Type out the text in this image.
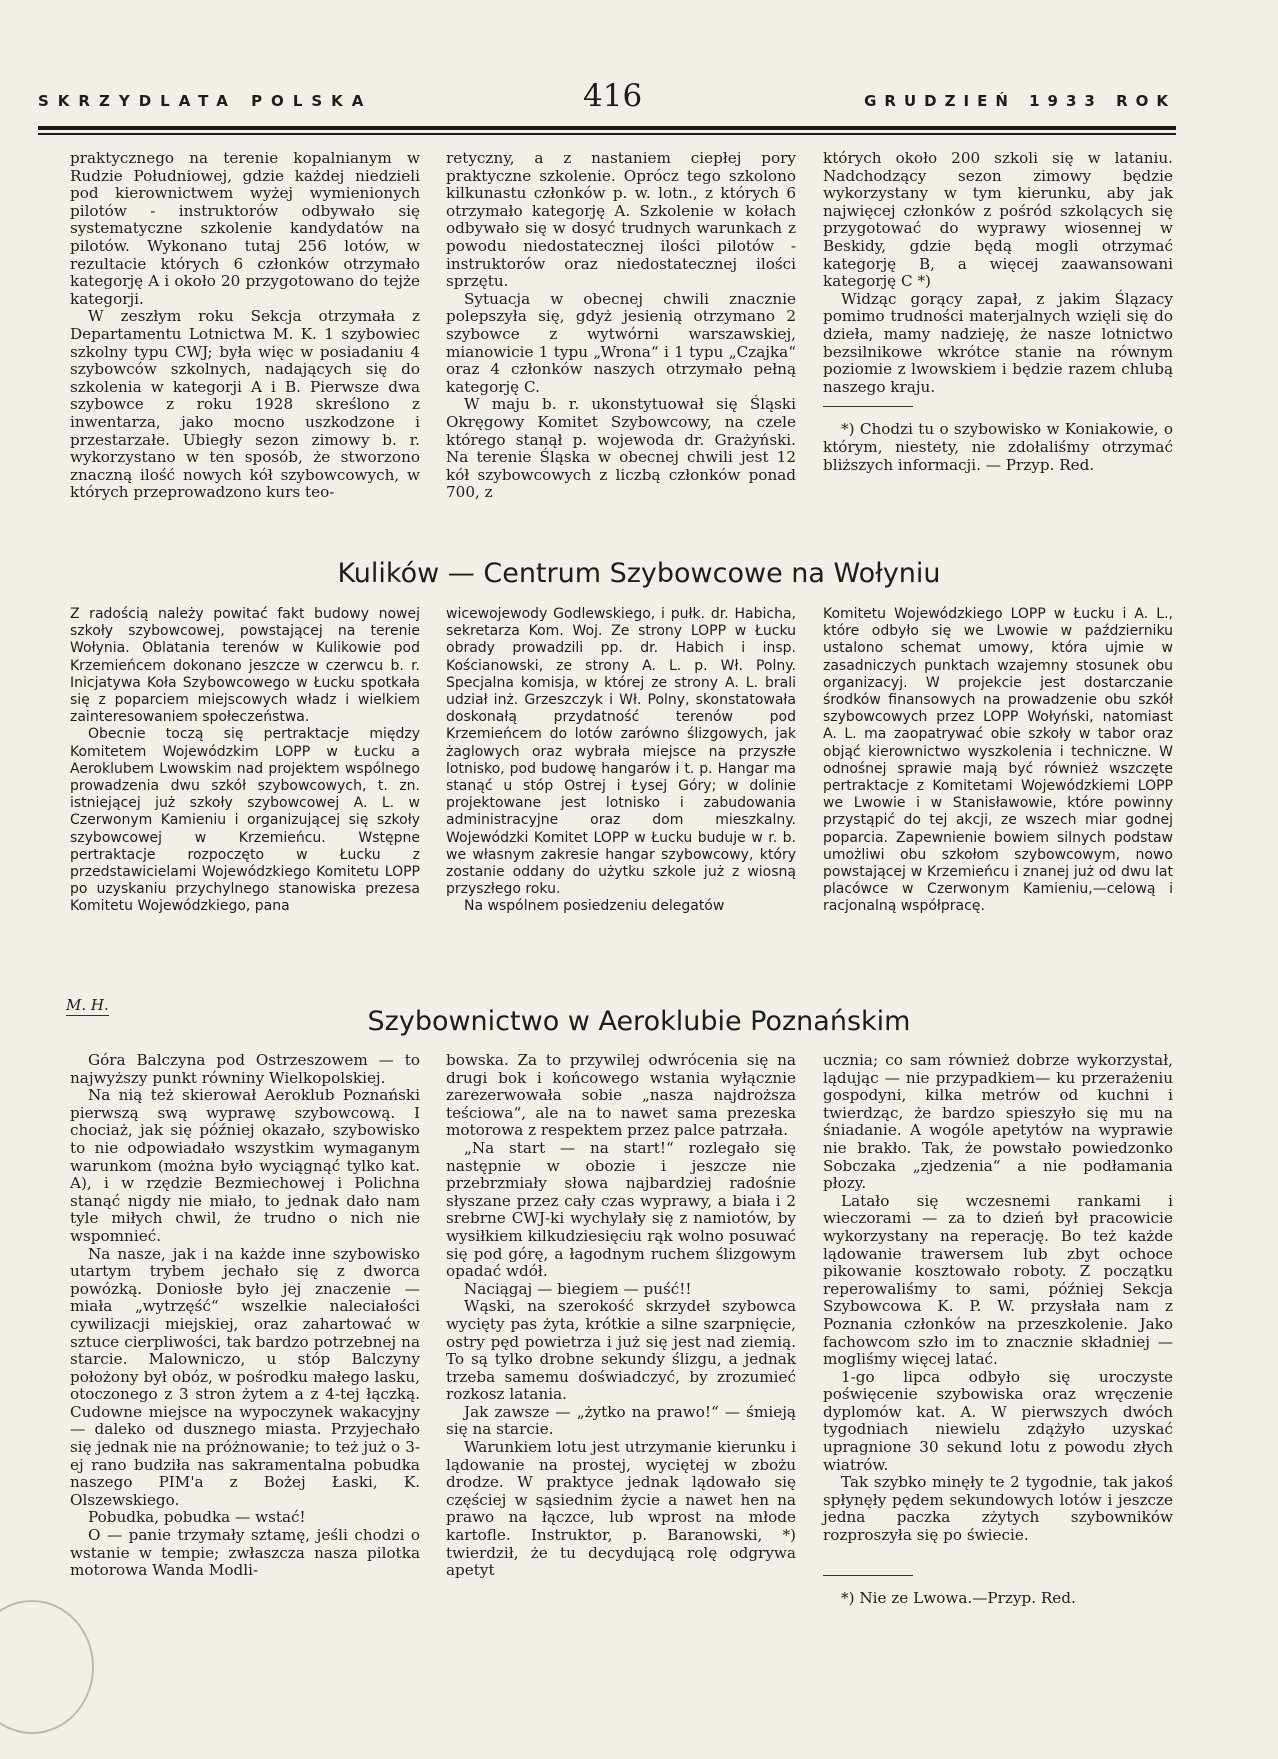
SKRZYDLATA POLSKA	416	GRUDZIEŃ 1933 ROK

praktycznego na terenie kopalnianym w Rudzie Południowej, gdzie każdej niedzieli pod kierownictwem wyżej wymienionych pilotów - instruktorów odbywało się systematyczne szkolenie kandydatów na pilotów. Wykonano tutaj 256 lotów, w rezultacie których 6 członków otrzymało kategorję A i około 20 przygotowano do tejże kategorji.

W zeszłym roku Sekcja otrzymała z Departamentu Lotnictwa M. K. 1 szybowiec szkolny typu CWJ; była więc w posiadaniu 4 szybowców szkolnych, nadających się do szkolenia w kategorji A i B. Pierwsze dwa szybowce z roku 1928 skreślono z inwentarza, jako mocno uszkodzone i przestarzałe. Ubiegły sezon zimowy b. r. wykorzystano w ten sposób, że stworzono znaczną ilość nowych kół szybowcowych, w których przeprowadzono kurs teo-

retyczny, a z nastaniem ciepłej pory praktyczne szkolenie. Oprócz tego szkolono kilkunastu członków p. w. lotn., z których 6 otrzymało kategorję A. Szkolenie w kołach odbywało się w dosyć trudnych warunkach z powodu niedostatecznej ilości pilotów - instruktorów oraz niedostatecznej ilości sprzętu.

Sytuacja w obecnej chwili znacznie polepszyła się, gdyż jesienią otrzymano 2 szybowce z wytwórni warszawskiej, mianowicie 1 typu „Wrona“ i 1 typu „Czajka“ oraz 4 członków naszych otrzymało pełną kategorję C.

W maju b. r. ukonstytuował się Śląski Okręgowy Komitet Szybowcowy, na czele którego stanął p. wojewoda dr. Grażyński. Na terenie Śląska w obecnej chwili jest 12 kół szybowcowych z liczbą członków ponad 700, z

których około 200 szkoli się w lataniu. Nadchodzący sezon zimowy będzie wykorzystany w tym kierunku, aby jak najwięcej członków z pośród szkolących się przygotować do wyprawy wiosennej w Beskidy, gdzie będą mogli otrzymać kategorję B, a więcej zaawansowani kategorję C *)

Widząc gorący zapał, z jakim Ślązacy pomimo trudności materjalnych wzięli się do dzieła, mamy nadzieję, że nasze lotnictwo bezsilnikowe wkrótce stanie na równym poziomie z lwowskiem i będzie razem chlubą naszego kraju.

*) Chodzi tu o szybowisko w Koniakowie, o którym, niestety, nie zdołaliśmy otrzymać bliższych informacji. — Przyp. Red.

Kulików — Centrum Szybowcowe na Wołyniu

Z radością należy powitać fakt budowy nowej szkoły szybowcowej, powstającej na terenie Wołynia. Oblatania terenów w Kulikowie pod Krzemieńcem dokonano jeszcze w czerwcu b. r. Inicjatywa Koła Szybowcowego w Łucku spotkała się z poparciem miejscowych władz i wielkiem zainteresowaniem społeczeństwa.

Obecnie toczą się pertraktacje między Komitetem Wojewódzkim LOPP w Łucku a Aeroklubem Lwowskim nad projektem wspólnego prowadzenia dwu szkół szybowcowych, t. zn. istniejącej już szkoły szybowcowej A. L. w Czerwonym Kamieniu i organizującej się szkoły szybowcowej w Krzemieńcu. Wstępne pertraktacje rozpoczęto w Łucku z przedstawicielami Wojewódzkiego Komitetu LOPP po uzyskaniu przychylnego stanowiska prezesa Komitetu Wojewódzkiego, pana

wicewojewody Godlewskiego, i pułk. dr. Habicha, sekretarza Kom. Woj. Ze strony LOPP w Łucku obrady prowadzili pp. dr. Habich i insp. Kościanowski, ze strony A. L. p. Wł. Polny. Specjalna komisja, w której ze strony A. L. brali udział inż. Grzeszczyk i Wł. Polny, skonstatowała doskonałą przydatność terenów pod Krzemieńcem do lotów zarówno ślizgowych, jak żaglowych oraz wybrała miejsce na przyszłe lotnisko, pod budowę hangarów i t. p. Hangar ma stanąć u stóp Ostrej i Łysej Góry; w dolinie projektowane jest lotnisko i zabudowania administracyjne oraz dom mieszkalny. Wojewódzki Komitet LOPP w Łucku buduje w r. b. we własnym zakresie hangar szybowcowy, który zostanie oddany do użytku szkole już z wiosną przyszłego roku.

Na wspólnem posiedzeniu delegatów

Komitetu Wojewódzkiego LOPP w Łucku i A. L., które odbyło się we Lwowie w październiku ustalono schemat umowy, która ujmie w zasadniczych punktach wzajemny stosunek obu organizacyj. W projekcie jest dostarczanie środków finansowych na prowadzenie obu szkół szybowcowych przez LOPP Wołyński, natomiast A. L. ma zaopatrywać obie szkoły w tabor oraz objąć kierownictwo wyszkolenia i techniczne. W odnośnej sprawie mają być również wszczęte pertraktacje z Komitetami Wojewódzkiemi LOPP we Lwowie i w Stanisławowie, które powinny przystąpić do tej akcji, ze wszech miar godnej poparcia. Zapewnienie bowiem silnych podstaw umożliwi obu szkołom szybowcowym, nowo powstającej w Krzemieńcu i znanej już od dwu lat placówce w Czerwonym Kamieniu,—celową i racjonalną współpracę.

M. H.
Szybownictwo w Aeroklubie Poznańskim

Góra Balczyna pod Ostrzeszowem — to najwyższy punkt równiny Wielkopolskiej.

Na nią też skierował Aeroklub Poznański pierwszą swą wyprawę szybowcową. I chociaż, jak się później okazało, szybowisko to nie odpowiadało wszystkim wymaganym warunkom (można było wyciągnąć tylko kat. A), i w rzędzie Bezmiechowej i Polichna stanąć nigdy nie miało, to jednak dało nam tyle miłych chwil, że trudno o nich nie wspomnieć.

Na nasze, jak i na każde inne szybowisko utartym trybem jechało się z dworca powózką. Doniosłe było jej znaczenie — miała „wytrzęść“ wszelkie naleciałości cywilizacji miejskiej, oraz zahartować w sztuce cierpliwości, tak bardzo potrzebnej na starcie. Malowniczo, u stóp Balczyny położony był obóz, w pośrodku małego lasku, otoczonego z 3 stron żytem a z 4-tej łączką. Cudowne miejsce na wypoczynek wakacyjny — daleko od dusznego miasta. Przyjechało się jednak nie na próżnowanie; to też już o 3-ej rano budziła nas sakramentalna pobudka naszego PIM'a z Bożej Łaski, K. Olszewskiego.

Pobudka, pobudka — wstać!

O — panie trzymały sztamę, jeśli chodzi o wstanie w tempie; zwłaszcza nasza pilotka motorowa Wanda Modli-

bowska. Za to przywilej odwrócenia się na drugi bok i końcowego wstania wyłącznie zarezerwowała sobie „nasza najdroższa teściowa“, ale na to nawet sama prezeska motorowa z respektem przez palce patrzała.

„Na start — na start!“ rozlegało się następnie w obozie i jeszcze nie przebrzmiały słowa najbardziej radośnie słyszane przez cały czas wyprawy, a biała i 2 srebrne CWJ-ki wychylały się z namiotów, by wysiłkiem kilkudziesięciu rąk wolno posuwać się pod górę, a łagodnym ruchem ślizgowym opadać wdół.

Naciągaj — biegiem — puść!!

Wąski, na szerokość skrzydeł szybowca wycięty pas żyta, krótkie a silne szarpnięcie, ostry pęd powietrza i już się jest nad ziemią. To są tylko drobne sekundy ślizgu, a jednak trzeba samemu doświadczyć, by zrozumieć rozkosz latania.

Jak zawsze — „żytko na prawo!“ — śmieją się na starcie.

Warunkiem lotu jest utrzymanie kierunku i lądowanie na prostej, wyciętej w zbożu drodze. W praktyce jednak lądowało się częściej w sąsiednim życie a nawet hen na prawo na łączce, lub wprost na młode kartofle. Instruktor, p. Baranowski, *) twierdził, że tu decydującą rolę odgrywa apetyt

ucznia; co sam również dobrze wykorzystał, lądując — nie przypadkiem— ku przerażeniu gospodyni, kilka metrów od kuchni i twierdząc, że bardzo spieszyło się mu na śniadanie. A wogóle apetytów na wyprawie nie brakło. Tak, że powstało powiedzonko Sobczaka „zjedzenia“ a nie podłamania płozy.

Latało się wczesnemi rankami i wieczorami — za to dzień był pracowicie wykorzystany na reperację. Bo też każde lądowanie trawersem lub zbyt ochoce pikowanie kosztowało roboty. Z początku reperowaliśmy to sami, później Sekcja Szybowcowa K. P. W. przysłała nam z Poznania członków na przeszkolenie. Jako fachowcom szło im to znacznie składniej — mogliśmy więcej latać.

1-go lipca odbyło się uroczyste poświęcenie szybowiska oraz wręczenie dyplomów kat. A. W pierwszych dwóch tygodniach niewielu zdążyło uzyskać upragnione 30 sekund lotu z powodu złych wiatrów.

Tak szybko minęły te 2 tygodnie, tak jakoś spłynęły pędem sekundowych lotów i jeszcze jedna paczka zżytych szybowników rozproszyła się po świecie.

*) Nie ze Lwowa.—Przyp. Red.
